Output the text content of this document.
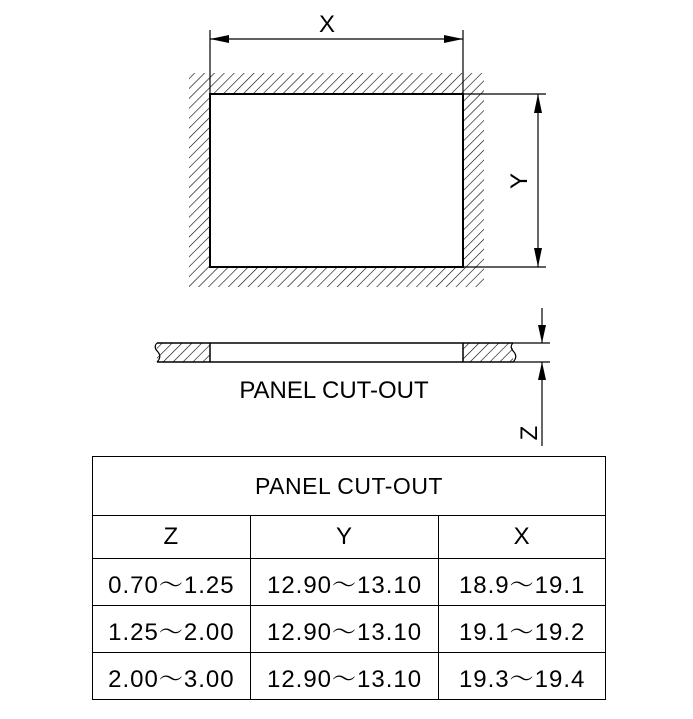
X
Y
Z
PANEL CUT-OUT
PANEL CUT-OUT		
Z	Y	X
0.70～1.25	12.90～13.10	18.9～19.1
1.25～2.00	12.90～13.10	19.1～19.2
2.00～3.00	12.90～13.10	19.3～19.4
